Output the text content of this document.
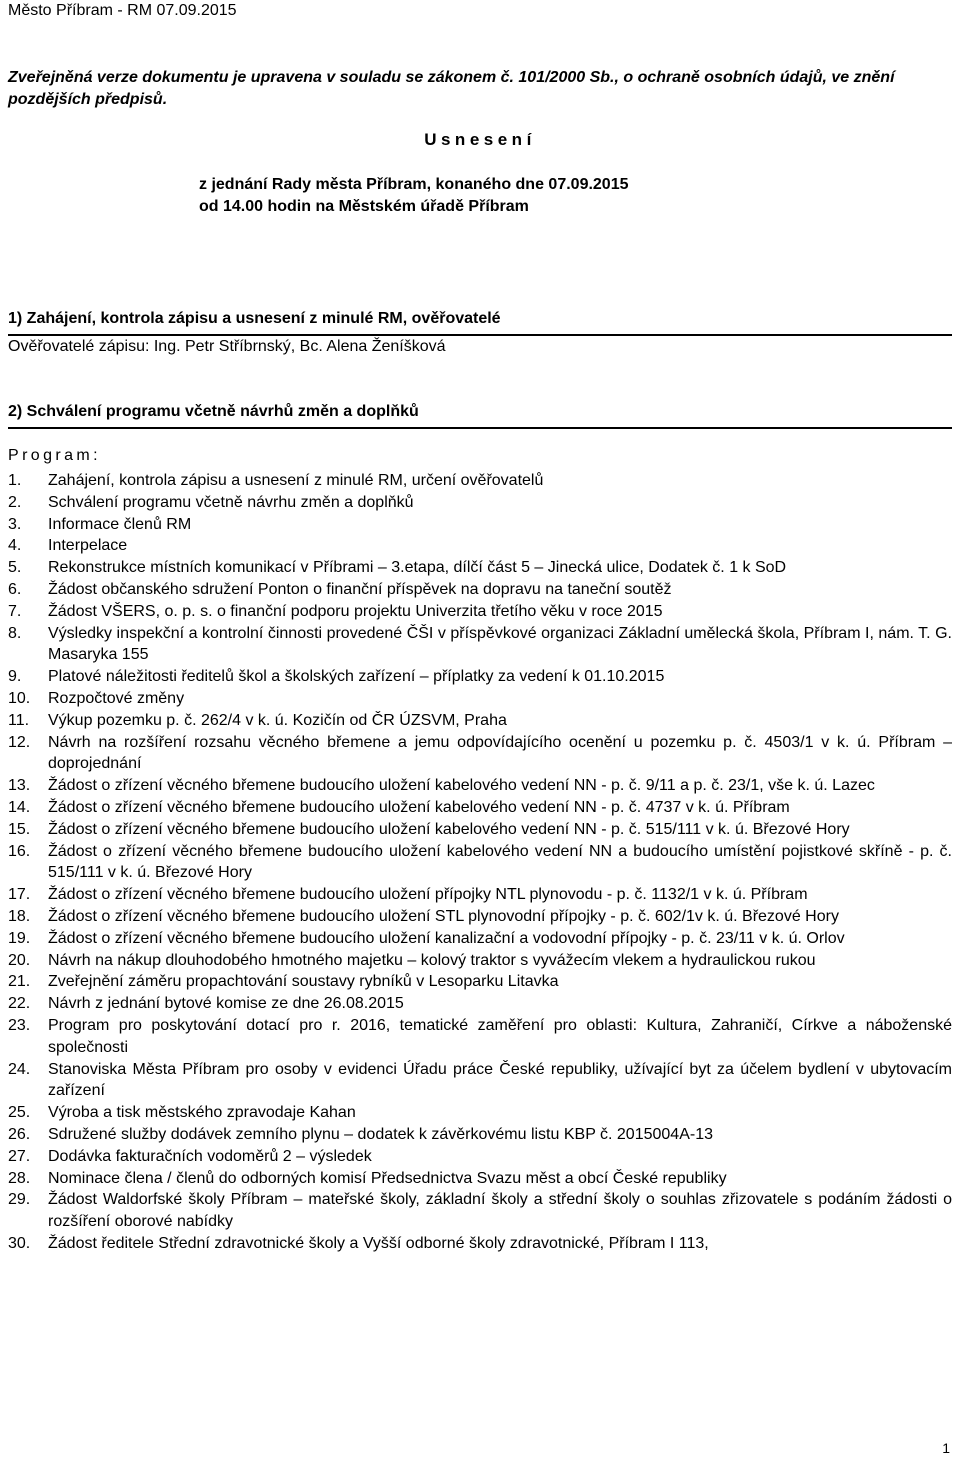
Město Příbram - RM 07.09.2015
Zveřejněná verze dokumentu je upravena v souladu se zákonem č. 101/2000 Sb., o ochraně osobních údajů, ve znění pozdějších předpisů.
Usnesení
z jednání Rady města Příbram, konaného dne 07.09.2015
od 14.00 hodin na Městském úřadě Příbram
1) Zahájení, kontrola zápisu a usnesení z minulé RM, ověřovatelé
Ověřovatelé zápisu: Ing. Petr Stříbrnský, Bc. Alena Ženíšková
2) Schválení programu včetně návrhů změn a doplňků
Program:
1.	Zahájení, kontrola zápisu a usnesení z minulé RM, určení ověřovatelů
2.	Schválení programu včetně návrhu změn a doplňků
3.	Informace členů RM
4.	Interpelace
5.	Rekonstrukce místních komunikací v Příbrami – 3.etapa, dílčí část 5 – Jinecká ulice, Dodatek č. 1 k SoD
6.	Žádost občanského sdružení Ponton o finanční příspěvek na dopravu na taneční soutěž
7.	Žádost VŠERS, o. p. s. o finanční podporu projektu Univerzita třetího věku v roce 2015
8.	Výsledky inspekční a kontrolní činnosti provedené ČŠI v příspěvkové organizaci Základní umělecká škola, Příbram I, nám. T. G. Masaryka 155
9.	Platové náležitosti ředitelů škol a školských zařízení – příplatky za vedení k 01.10.2015
10.	Rozpočtové změny
11.	Výkup pozemku p. č. 262/4 v k. ú. Kozičín od ČR ÚZSVM, Praha
12.	Návrh na rozšíření rozsahu věcného břemene a jemu odpovídajícího ocenění u pozemku p. č. 4503/1 v k. ú. Příbram – doprojednání
13.	Žádost o zřízení věcného břemene budoucího uložení kabelového vedení NN - p. č. 9/11 a p. č. 23/1, vše k. ú. Lazec
14.	Žádost o zřízení věcného břemene budoucího uložení kabelového vedení NN - p. č. 4737 v k. ú. Příbram
15.	Žádost o zřízení věcného břemene budoucího uložení kabelového vedení NN - p. č. 515/111 v k. ú. Březové Hory
16.	Žádost o zřízení věcného břemene budoucího uložení kabelového vedení NN a budoucího umístění pojistkové skříně - p. č. 515/111 v k. ú. Březové Hory
17.	Žádost o zřízení věcného břemene budoucího uložení přípojky NTL plynovodu - p. č. 1132/1 v k. ú. Příbram
18.	Žádost o zřízení věcného břemene budoucího uložení STL plynovodní přípojky - p. č. 602/1v k. ú. Březové Hory
19.	Žádost o zřízení věcného břemene budoucího uložení kanalizační a vodovodní přípojky - p. č. 23/11 v k. ú. Orlov
20.	Návrh na nákup dlouhodobého hmotného majetku – kolový traktor s vyvážecím vlekem a hydraulickou rukou
21.	Zveřejnění záměru propachtování soustavy rybníků v Lesoparku Litavka
22.	Návrh z jednání bytové komise ze dne 26.08.2015
23.	Program pro poskytování dotací pro r. 2016, tematické zaměření pro oblasti: Kultura, Zahraničí, Církve a náboženské společnosti
24.	Stanoviska Města Příbram pro osoby v evidenci Úřadu práce České republiky, užívající byt za účelem bydlení v ubytovacím zařízení
25.	Výroba a tisk městského zpravodaje Kahan
26.	Sdružené služby dodávek zemního plynu – dodatek k závěrkovému listu KBP č. 2015004A-13
27.	Dodávka fakturačních vodoměrů 2 – výsledek
28.	Nominace člena / členů do odborných komisí Předsednictva Svazu měst a obcí České republiky
29.	Žádost Waldorfské školy Příbram – mateřské školy, základní školy a střední školy o souhlas zřizovatele s podáním žádosti o rozšíření oborové nabídky
30.	Žádost ředitele Střední zdravotnické školy a Vyšší odborné školy zdravotnické, Příbram I 113,
1
